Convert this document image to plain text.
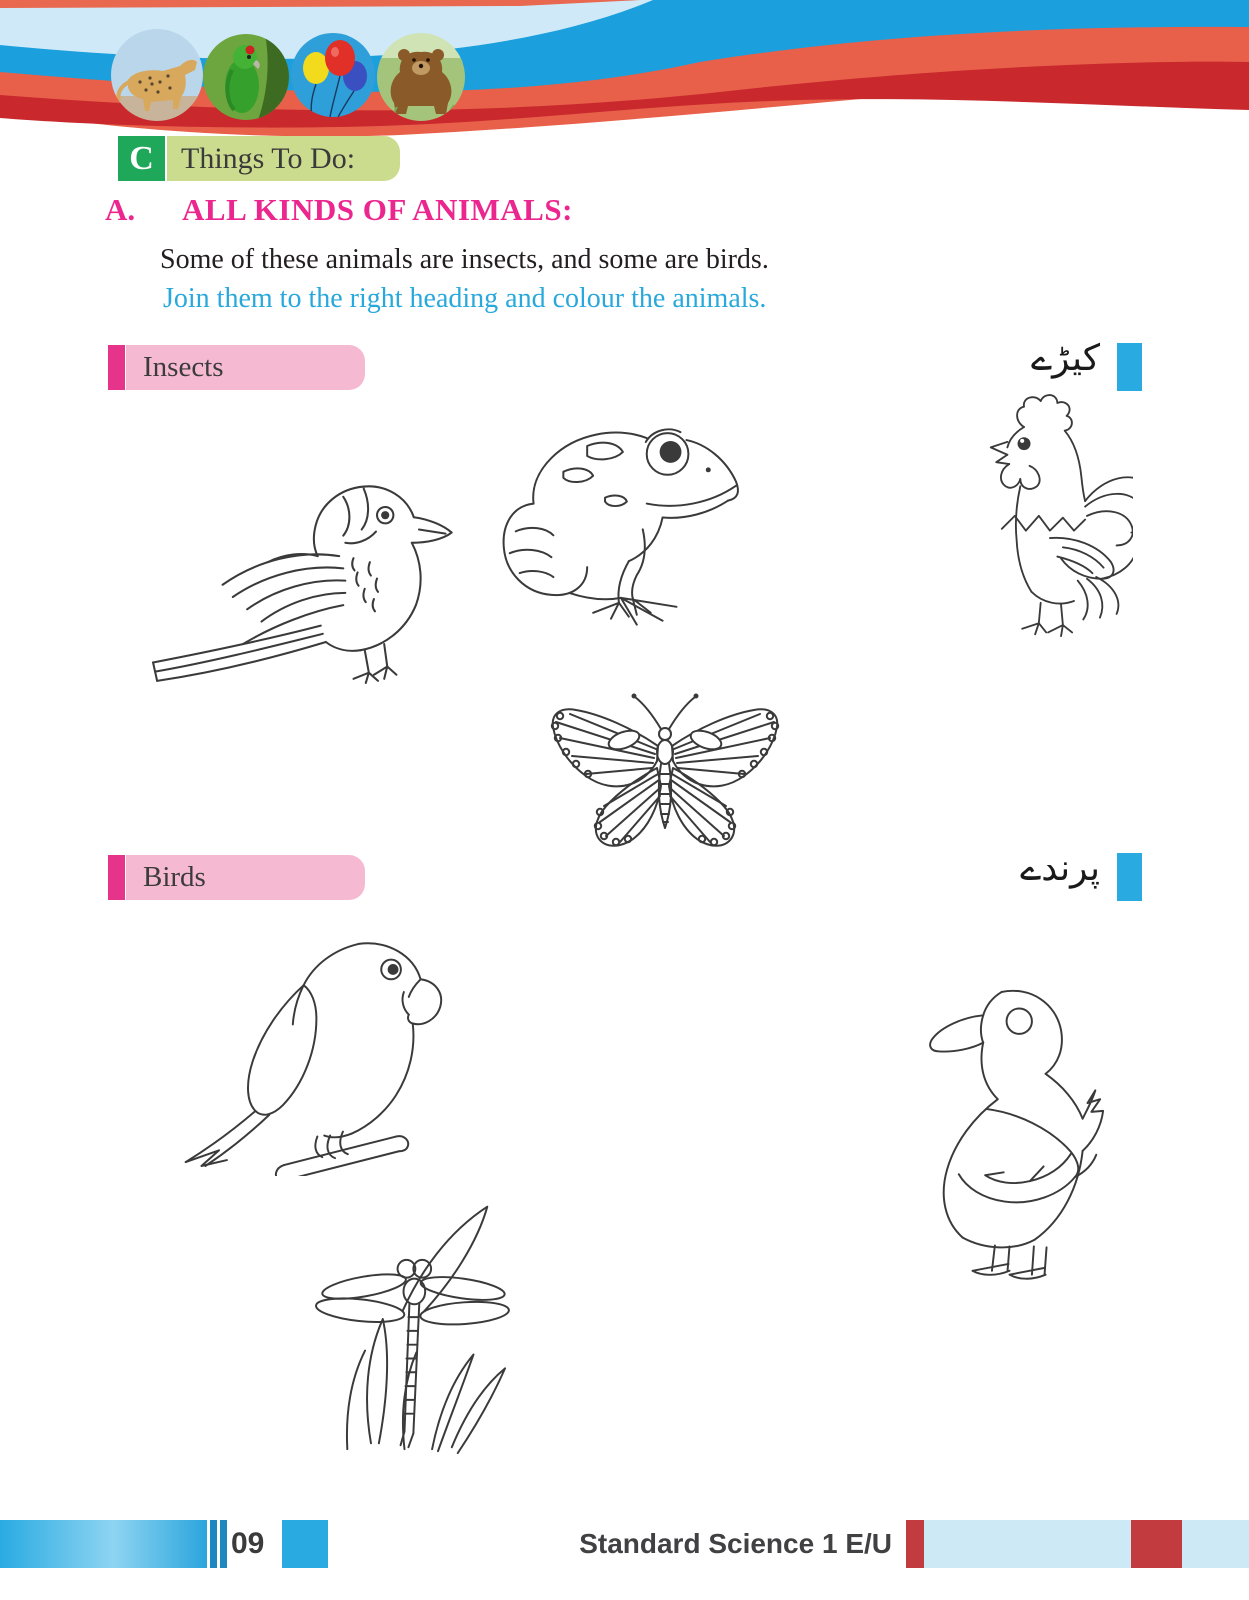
C Things To Do:
A. ALL KINDS OF ANIMALS:
Some of these animals are insects, and some are birds.
Join them to the right heading and colour the animals.
Insects	کیڑے
Birds	پرندے
09	Standard Science 1 E/U
